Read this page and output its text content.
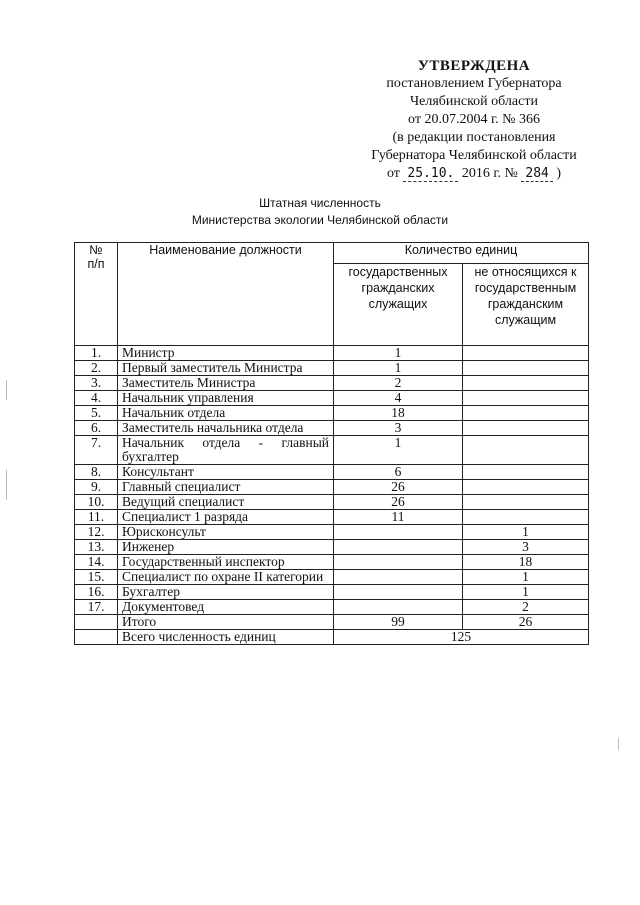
УТВЕРЖДЕНА
постановлением Губернатора
Челябинской области
от 20.07.2004 г. № 366
(в редакции постановления
Губернатора Челябинской области
от 25.10. 2016 г. № 284 )
Штатная численность
Министерства экологии Челябинской области
№
п/п	Наименование должности	Количество единиц	
		государственных гражданских служащих	не относящихся к государственным гражданским служащим
1.	Министр	1	
2.	Первый заместитель Министра	1	
3.	Заместитель Министра	2	
4.	Начальник управления	4	
5.	Начальник отдела	18	
6.	Заместитель начальника отдела	3	
7.	Начальник отдела - главный бухгалтер	1	
8.	Консультант	6	
9.	Главный специалист	26	
10.	Ведущий специалист	26	
11.	Специалист 1 разряда	11	
12.	Юрисконсульт		1
13.	Инженер		3
14.	Государственный инспектор		18
15.	Специалист по охране II категории		1
16.	Бухгалтер		1
17.	Документовед		2
	Итого	99	26
	Всего численность единиц	125	
